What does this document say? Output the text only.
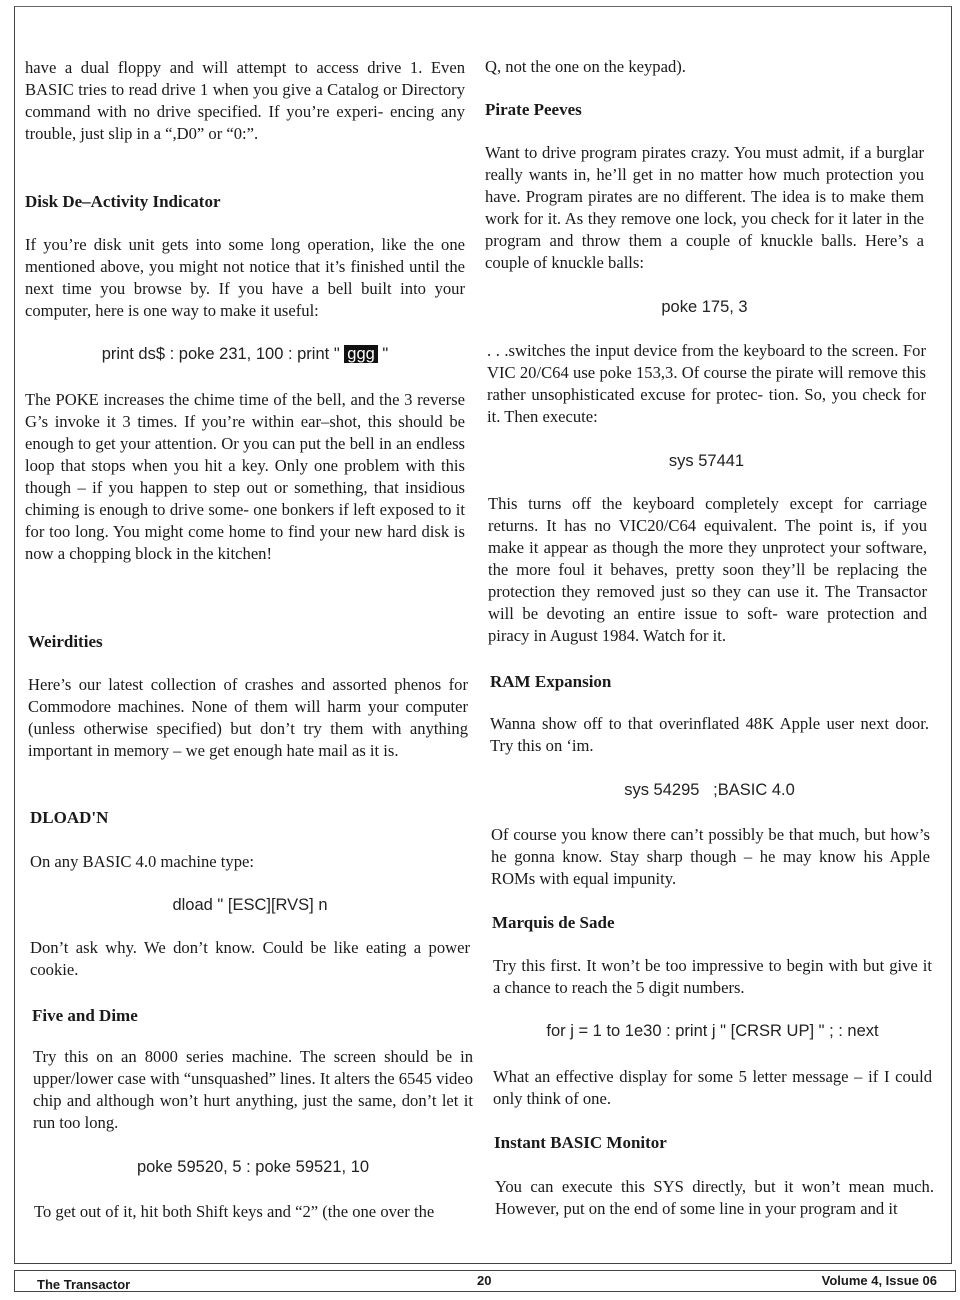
have a dual floppy and will attempt to access drive 1. Even BASIC tries to read drive 1 when you give a Catalog or Directory command with no drive specified. If you’re experi- encing any trouble, just slip in a “,D0” or “0:”.

Disk De–Activity Indicator

If you’re disk unit gets into some long operation, like the one mentioned above, you might not notice that it’s finished until the next time you browse by. If you have a bell built into your computer, here is one way to make it useful:

print ds$ : poke 231, 100 : print " ggg "

The POKE increases the chime time of the bell, and the 3 reverse G’s invoke it 3 times. If you’re within ear–shot, this should be enough to get your attention. Or you can put the bell in an endless loop that stops when you hit a key. Only one problem with this though – if you happen to step out or something, that insidious chiming is enough to drive some- one bonkers if left exposed to it for too long. You might come home to find your new hard disk is now a chopping block in the kitchen!

Weirdities

Here’s our latest collection of crashes and assorted phenos for Commodore machines. None of them will harm your computer (unless otherwise specified) but don’t try them with anything important in memory – we get enough hate mail as it is.

DLOAD'N

On any BASIC 4.0 machine type:

dload " [ESC][RVS] n

Don’t ask why. We don’t know. Could be like eating a power cookie.

Five and Dime

Try this on an 8000 series machine. The screen should be in upper/lower case with “unsquashed” lines. It alters the 6545 video chip and although won’t hurt anything, just the same, don’t let it run too long.

poke 59520, 5 : poke 59521, 10

To get out of it, hit both Shift keys and “2” (the one over the

Q, not the one on the keypad).

Pirate Peeves

Want to drive program pirates crazy. You must admit, if a burglar really wants in, he’ll get in no matter how much protection you have. Program pirates are no different. The idea is to make them work for it. As they remove one lock, you check for it later in the program and throw them a couple of knuckle balls. Here’s a couple of knuckle balls:

poke 175, 3

. . .switches the input device from the keyboard to the screen. For VIC 20/C64 use poke 153,3. Of course the pirate will remove this rather unsophisticated excuse for protec- tion. So, you check for it. Then execute:

sys 57441

This turns off the keyboard completely except for carriage returns. It has no VIC20/C64 equivalent. The point is, if you make it appear as though the more they unprotect your software, the more foul it behaves, pretty soon they’ll be replacing the protection they removed just so they can use it. The Transactor will be devoting an entire issue to soft- ware protection and piracy in August 1984. Watch for it.

RAM Expansion

Wanna show off to that overinflated 48K Apple user next door. Try this on ‘im.

sys 54295   ;BASIC 4.0

Of course you know there can’t possibly be that much, but how’s he gonna know. Stay sharp though – he may know his Apple ROMs with equal impunity.

Marquis de Sade

Try this first. It won’t be too impressive to begin with but give it a chance to reach the 5 digit numbers.

for j = 1 to 1e30 : print j " [CRSR UP] " ; : next

What an effective display for some 5 letter message – if I could only think of one.

Instant BASIC Monitor

You can execute this SYS directly, but it won’t mean much. However, put on the end of some line in your program and it

The Transactor	20	Volume 4, Issue 06
